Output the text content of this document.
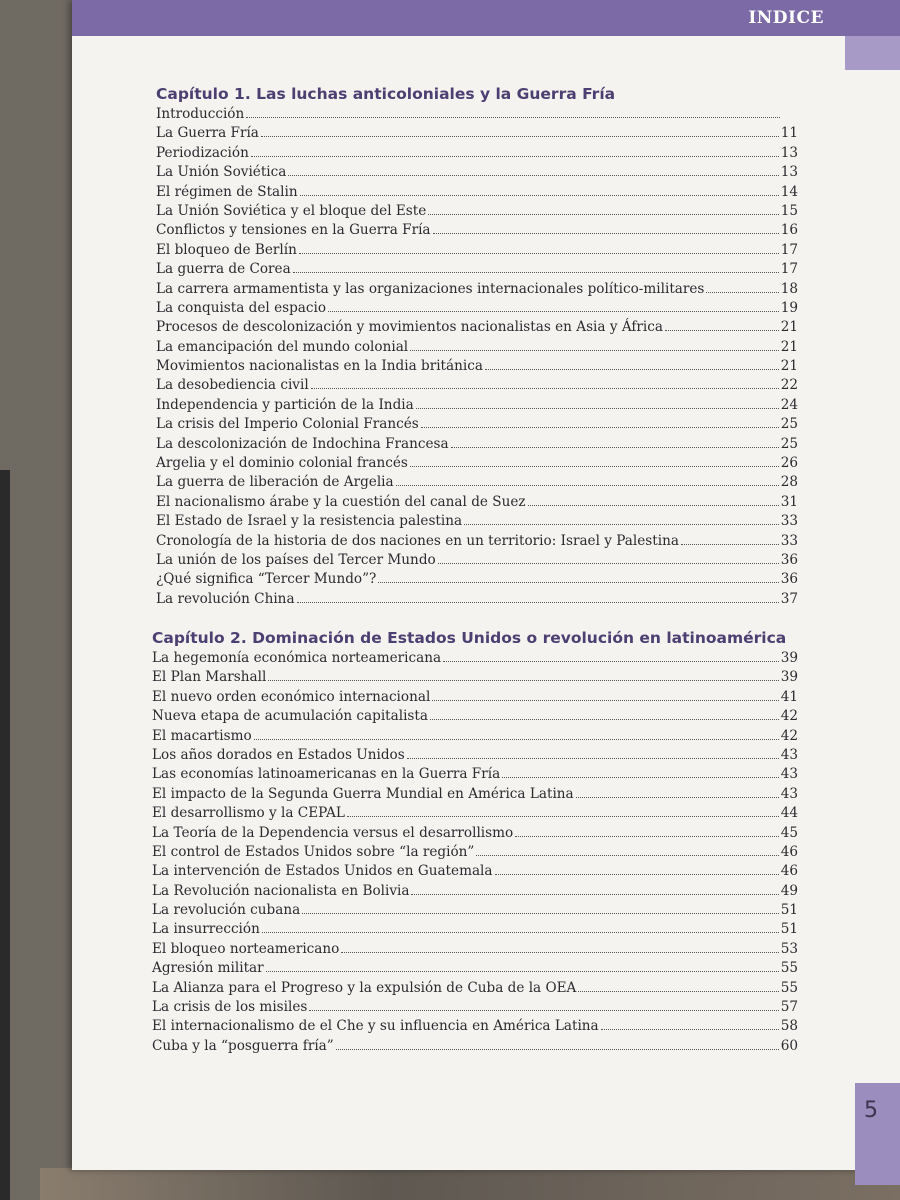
INDICE
Capítulo 1. Las luchas anticoloniales y la Guerra Fría
Introducción
La Guerra Fría	11
Periodización	13
La Unión Soviética	13
El régimen de Stalin	14
La Unión Soviética y el bloque del Este	15
Conflictos y tensiones en la Guerra Fría	16
El bloqueo de Berlín	17
La guerra de Corea	17
La carrera armamentista y las organizaciones internacionales político-militares	18
La conquista del espacio	19
Procesos de descolonización y movimientos nacionalistas en Asia y África	21
La emancipación del mundo colonial	21
Movimientos nacionalistas en la India británica	21
La desobediencia civil	22
Independencia y partición de la India	24
La crisis del Imperio Colonial Francés	25
La descolonización de Indochina Francesa	25
Argelia y el dominio colonial francés	26
La guerra de liberación de Argelia	28
El nacionalismo árabe y la cuestión del canal de Suez	31
El Estado de Israel y la resistencia palestina	33
Cronología de la historia de dos naciones en un territorio: Israel y Palestina	33
La unión de los países del Tercer Mundo	36
¿Qué significa “Tercer Mundo”?	36
La revolución China	37
Capítulo 2. Dominación de Estados Unidos o revolución en latinoamérica
La hegemonía económica norteamericana	39
El Plan Marshall	39
El nuevo orden económico internacional	41
Nueva etapa de acumulación capitalista	42
El macartismo	42
Los años dorados en Estados Unidos	43
Las economías latinoamericanas en la Guerra Fría	43
El impacto de la Segunda Guerra Mundial en América Latina	43
El desarrollismo y la CEPAL	44
La Teoría de la Dependencia versus el desarrollismo	45
El control de Estados Unidos sobre “la región”	46
La intervención de Estados Unidos en Guatemala	46
La Revolución nacionalista en Bolivia	49
La revolución cubana	51
La insurrección	51
El bloqueo norteamericano	53
Agresión militar	55
La Alianza para el Progreso y la expulsión de Cuba de la OEA	55
La crisis de los misiles	57
El internacionalismo de el Che y su influencia en América Latina	58
Cuba y la “posguerra fría”	60
5
